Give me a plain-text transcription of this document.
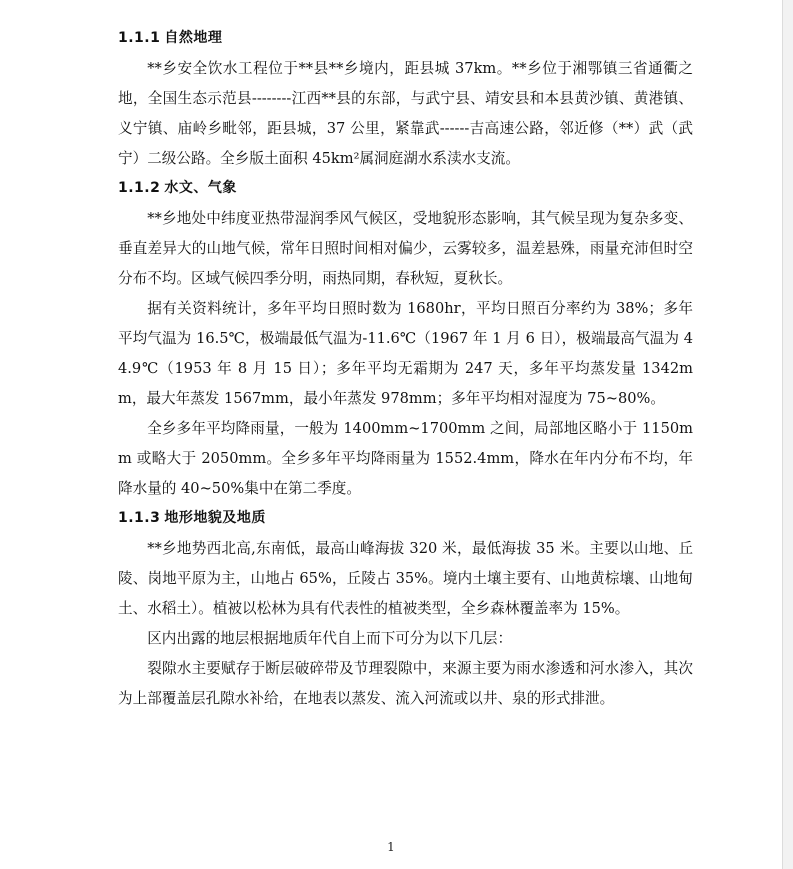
1.1.1 自然地理

**乡安全饮水工程位于**县**乡境内，距县城 37km。**乡位于湘鄂镇三省通衢之地，全国生态示范县--------江西**县的东部，与武宁县、靖安县和本县黄沙镇、黄港镇、义宁镇、庙岭乡毗邻，距县城，37 公里，紧靠武------吉高速公路，邻近修（**）武（武宁）二级公路。全乡版土面积 45km²属洞庭湖水系渎水支流。

1.1.2 水文、气象

**乡地处中纬度亚热带湿润季风气候区，受地貌形态影响，其气候呈现为复杂多变、垂直差异大的山地气候，常年日照时间相对偏少，云雾较多，温差悬殊，雨量充沛但时空分布不均。区域气候四季分明，雨热同期，春秋短，夏秋长。

据有关资料统计，多年平均日照时数为 1680hr，平均日照百分率约为 38%；多年平均气温为 16.5℃，极端最低气温为-11.6℃（1967 年 1 月 6 日），极端最高气温为 44.9℃（1953 年 8 月 15 日）；多年平均无霜期为 247 天，多年平均蒸发量 1342mm，最大年蒸发 1567mm，最小年蒸发 978mm；多年平均相对湿度为 75~80%。

全乡多年平均降雨量，一般为 1400mm~1700mm 之间，局部地区略小于 1150mm 或略大于 2050mm。全乡多年平均降雨量为 1552.4mm，降水在年内分布不均，年降水量的 40~50%集中在第二季度。

1.1.3 地形地貌及地质

**乡地势西北高,东南低，最高山峰海拔 320 米，最低海拔 35 米。主要以山地、丘陵、岗地平原为主，山地占 65%，丘陵占 35%。境内土壤主要有、山地黄棕壤、山地甸土、水稻土）。植被以松林为具有代表性的植被类型，全乡森林覆盖率为 15%。

区内出露的地层根据地质年代自上而下可分为以下几层：

裂隙水主要赋存于断层破碎带及节理裂隙中，来源主要为雨水渗透和河水渗入，其次为上部覆盖层孔隙水补给，在地表以蒸发、流入河流或以井、泉的形式排泄。

1
